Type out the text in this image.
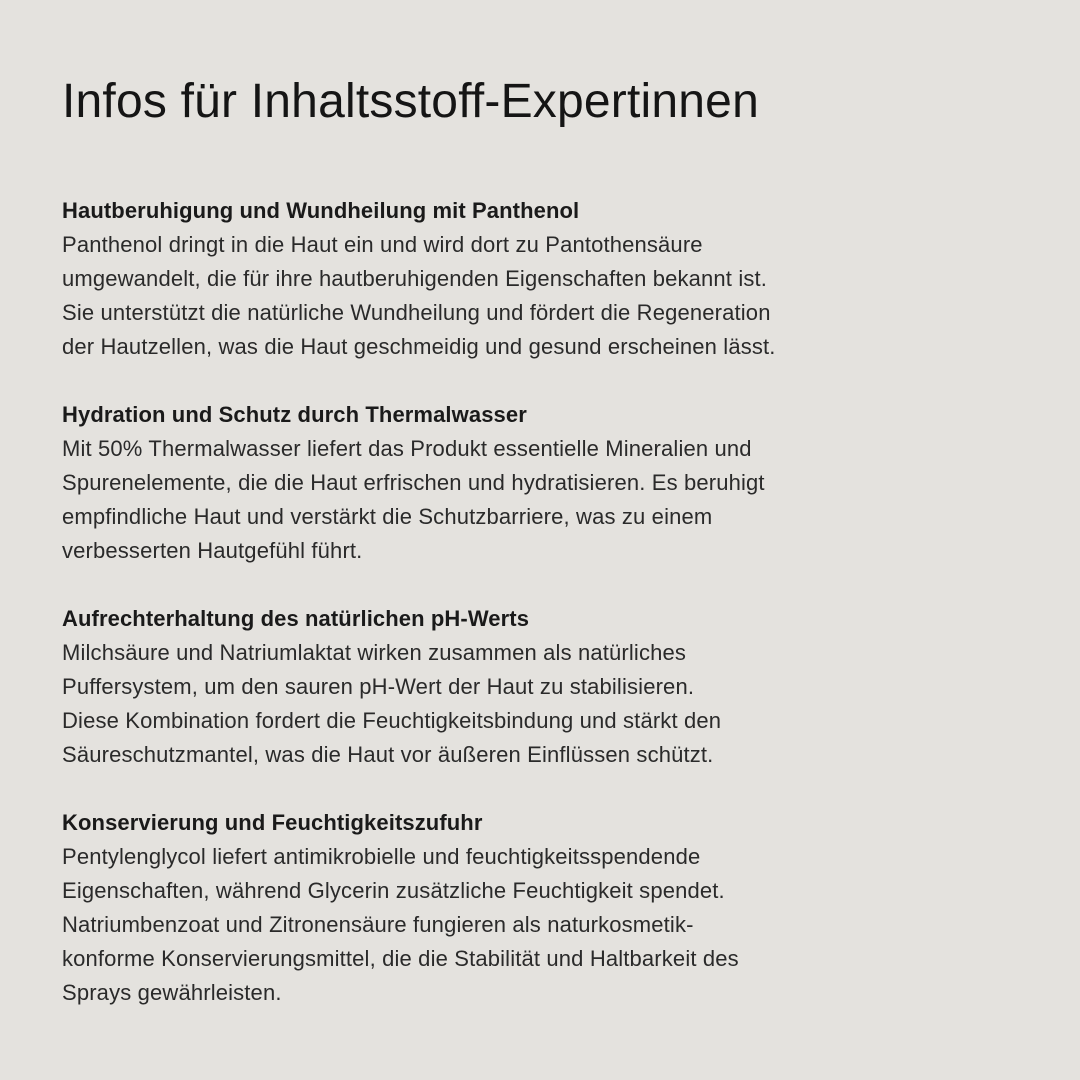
Infos für Inhaltsstoff-Expertinnen
Hautberuhigung und Wundheilung mit Panthenol

Panthenol dringt in die Haut ein und wird dort zu Pantothensäure
umgewandelt, die für ihre hautberuhigenden Eigenschaften bekannt ist.
Sie unterstützt die natürliche Wundheilung und fördert die Regeneration
der Hautzellen, was die Haut geschmeidig und gesund erscheinen lässt.

Hydration und Schutz durch Thermalwasser

Mit 50% Thermalwasser liefert das Produkt essentielle Mineralien und
Spurenelemente, die die Haut erfrischen und hydratisieren. Es beruhigt
empfindliche Haut und verstärkt die Schutzbarriere, was zu einem
verbesserten Hautgefühl führt.

Aufrechterhaltung des natürlichen pH-Werts

Milchsäure und Natriumlaktat wirken zusammen als natürliches
Puffersystem, um den sauren pH-Wert der Haut zu stabilisieren.
Diese Kombination fordert die Feuchtigkeitsbindung und stärkt den
Säureschutzmantel, was die Haut vor äußeren Einflüssen schützt.

Konservierung und Feuchtigkeitszufuhr

Pentylenglycol liefert antimikrobielle und feuchtigkeitsspendende
Eigenschaften, während Glycerin zusätzliche Feuchtigkeit spendet.
Natriumbenzoat und Zitronensäure fungieren als naturkosmetik-
konforme Konservierungsmittel, die die Stabilität und Haltbarkeit des
Sprays gewährleisten.
